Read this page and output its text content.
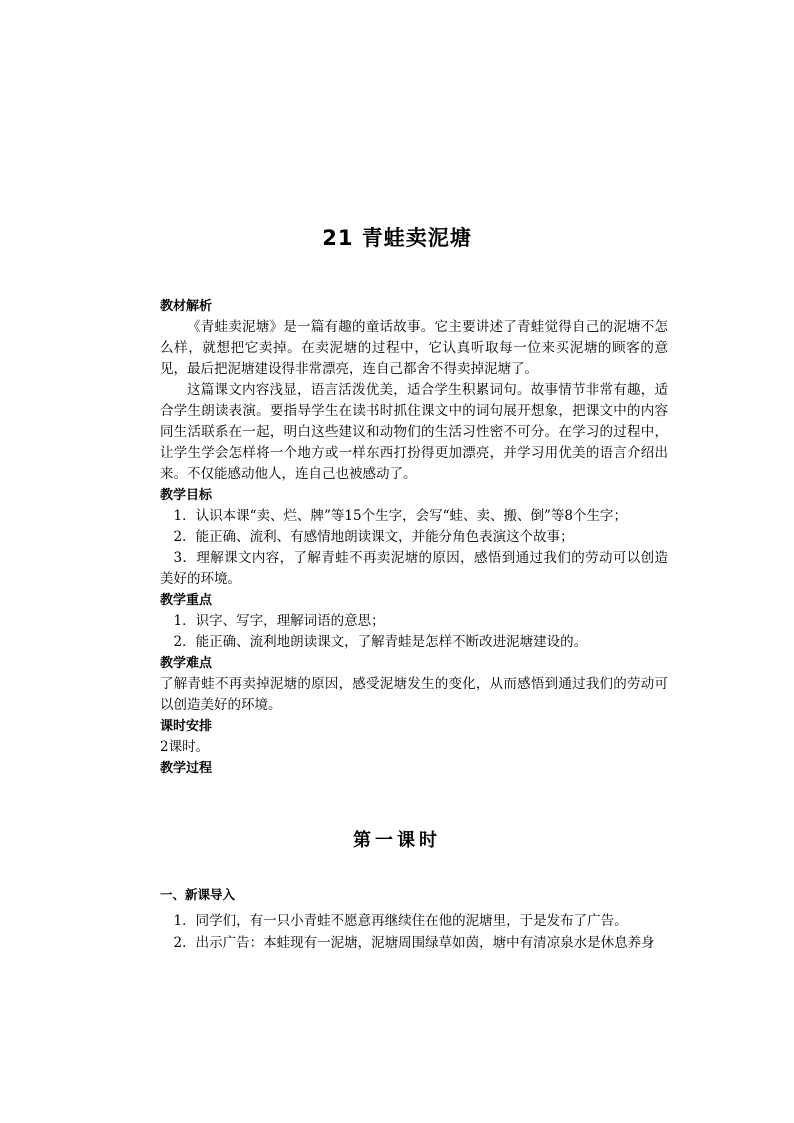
21 青蛙卖泥塘

教材解析

《青蛙卖泥塘》是一篇有趣的童话故事。它主要讲述了青蛙觉得自己的泥塘不怎么样，就想把它卖掉。在卖泥塘的过程中，它认真听取每一位来买泥塘的顾客的意见，最后把泥塘建设得非常漂亮，连自己都舍不得卖掉泥塘了。

这篇课文内容浅显，语言活泼优美，适合学生积累词句。故事情节非常有趣，适合学生朗读表演。要指导学生在读书时抓住课文中的词句展开想象，把课文中的内容同生活联系在一起，明白这些建议和动物们的生活习性密不可分。在学习的过程中，让学生学会怎样将一个地方或一样东西打扮得更加漂亮，并学习用优美的语言介绍出来。不仅能感动他人，连自己也被感动了。

教学目标

1．认识本课“卖、烂、牌”等15个生字，会写“蛙、卖、搬、倒”等8个生字；

2．能正确、流利、有感情地朗读课文，并能分角色表演这个故事；

3．理解课文内容，了解青蛙不再卖泥塘的原因，感悟到通过我们的劳动可以创造美好的环境。

教学重点

1．识字、写字，理解词语的意思；

2．能正确、流利地朗读课文，了解青蛙是怎样不断改进泥塘建设的。

教学难点

了解青蛙不再卖掉泥塘的原因，感受泥塘发生的变化，从而感悟到通过我们的劳动可以创造美好的环境。

课时安排

2课时。

教学过程

第一课时

一、新课导入

1．同学们，有一只小青蛙不愿意再继续住在他的泥塘里，于是发布了广告。

2．出示广告：本蛙现有一泥塘，泥塘周围绿草如茵，塘中有清凉泉水是休息养身
